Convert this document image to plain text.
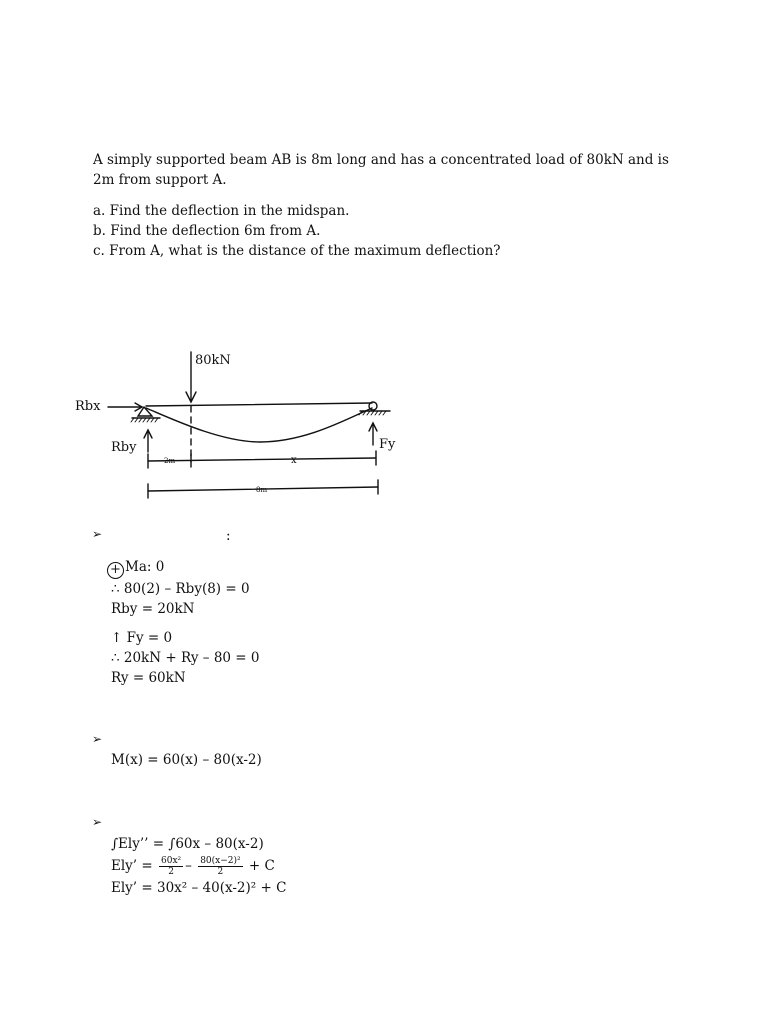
A simply supported beam AB is 8m long and has a concentrated load of 80kN and is 2m from support A.
a. Find the deflection in the midspan.
b. Find the deflection 6m from A.
c. From A, what is the distance of the maximum deflection?
80kN
Rbx
Rby	Fy
2m	x
8m
➢	:
+ Ma: 0
∴ 80(2) – Rby(8) = 0
Rby = 20kN
↑ Fy = 0
∴ 20kN + Ry – 80 = 0
Ry = 60kN
➢
M(x) = 60(x) – 80(x-2)
➢
∫Ely’’ = ∫60x – 80(x-2)
Ely’ = $\frac{\text{60x²}}{2} - \frac{\text{80(x−2)²}}{2} + C$
Ely’ = 30x² – 40(x-2)² + C
